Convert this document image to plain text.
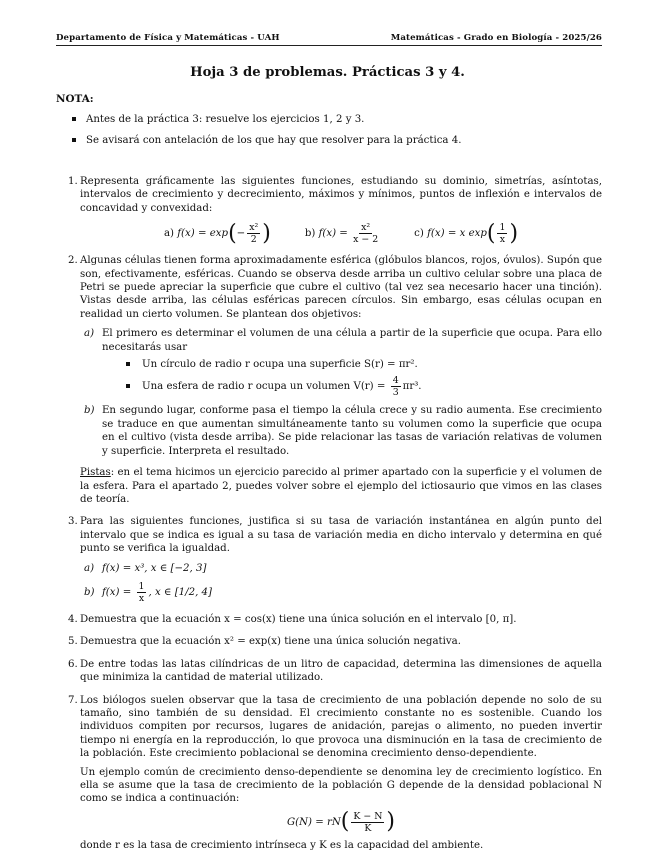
Departamento de Física y Matemáticas - UAH	Matemáticas - Grado en Biología - 2025/26
Hoja 3 de problemas. Prácticas 3 y 4.
NOTA:
Antes de la práctica 3: resuelve los ejercicios 1, 2 y 3.
Se avisará con antelación de los que hay que resolver para la práctica 4.
1. Representa gráficamente las siguientes funciones, estudiando su dominio, simetrías, asíntotas, intervalos de crecimiento y decrecimiento, máximos y mínimos, puntos de inflexión e intervalos de concavidad y convexidad:
a)
f(x) = exp ( − $\frac{\text{x²}}{2}$ )	b)
f(x) =
$\frac{\text{x²}}{x - 2}$	c)
f(x) = x exp ( $\frac{1}{x}$ )
2. Algunas células tienen forma aproximadamente esférica (glóbulos blancos, rojos, óvulos). Supón que son, efectivamente, esféricas. Cuando se observa desde arriba un cultivo celular sobre una placa de Petri se puede apreciar la superficie que cubre el cultivo (tal vez sea necesario hacer una tinción). Vistas desde arriba, las células esféricas parecen círculos. Sin embargo, esas células ocupan en realidad un cierto volumen. Se plantean dos objetivos:
a) El primero es determinar el volumen de una célula a partir de la superficie que ocupa. Para ello necesitarás usar
Un círculo de radio r ocupa una superficie S(r) = πr².
Una esfera de radio r ocupa un volumen V(r) =
$\frac{4}{3} \pi r^3$.
b) En segundo lugar, conforme pasa el tiempo la célula crece y su radio aumenta. Ese crecimiento se traduce en que aumentan simultáneamente tanto su volumen como la superficie que ocupa en el cultivo (vista desde arriba). Se pide relacionar las tasas de variación relativas de volumen y superficie. Interpreta el resultado.
Pistas: en el tema hicimos un ejercicio parecido al primer apartado con la superficie y el volumen de la esfera. Para el apartado 2, puedes volver sobre el ejemplo del ictiosaurio que vimos en las clases de teoría.
3. Para las siguientes funciones, justifica si su tasa de variación instantánea en algún punto del intervalo que se indica es igual a su tasa de variación media en dicho intervalo y determina en qué punto se verifica la igualdad.
a) f(x) = x³, x ∈ [−2, 3]
b) f(x) =
$\frac{1}{x}$ , x ∈ [1/2, 4]
4. Demuestra que la ecuación x = cos(x) tiene una única solución en el intervalo [0, π].
5. Demuestra que la ecuación x² = exp(x) tiene una única solución negativa.
6. De entre todas las latas cilíndricas de un litro de capacidad, determina las dimensiones de aquella que minimiza la cantidad de material utilizado.
7. Los biólogos suelen observar que la tasa de crecimiento de una población depende no solo de su tamaño, sino también de su densidad. El crecimiento constante no es sostenible. Cuando los individuos compiten por recursos, lugares de anidación, parejas o alimento, no pueden invertir tiempo ni energía en la reproducción, lo que provoca una disminución en la tasa de crecimiento de la población. Este crecimiento poblacional se denomina crecimiento denso-dependiente.
Un ejemplo común de crecimiento denso-dependiente se denomina ley de crecimiento logístico. En ella se asume que la tasa de crecimiento de la población G depende de la densidad poblacional N como se indica a continuación:
G(N) = rN ( $\frac{K - N}{K}$ )
donde r es la tasa de crecimiento intrínseca y K es la capacidad del ambiente.
